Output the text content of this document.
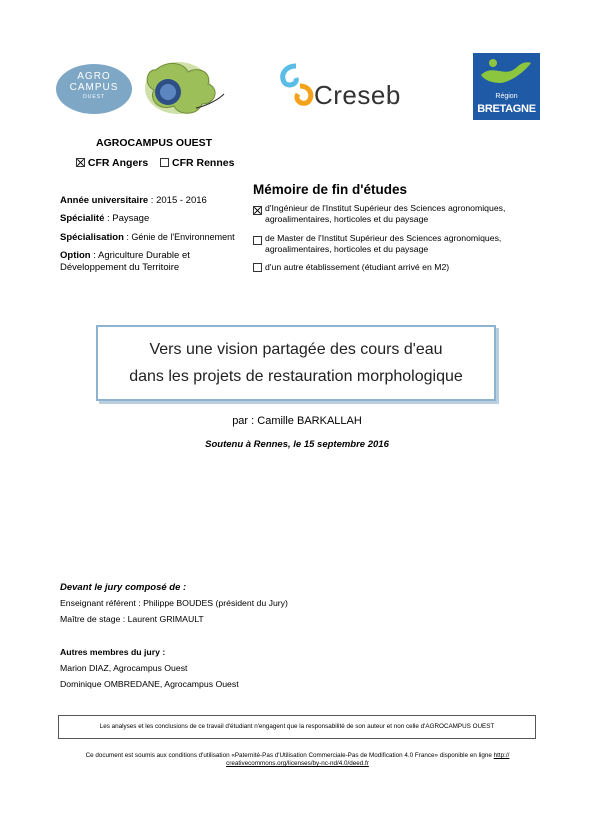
AGRO
CAMPUS
OUEST	Creseb	Région
BRETAGNE
AGROCAMPUS OUEST
CFR Angers CFR Rennes
Année universitaire : 2015 - 2016
Spécialité : Paysage
Spécialisation : Génie de l'Environnement
Option : Agriculture Durable et Développement du Territoire
Mémoire de fin d'études
d'Ingénieur de l'Institut Supérieur des Sciences agronomiques, agroalimentaires, horticoles et du paysage
de Master de l'Institut Supérieur des Sciences agronomiques, agroalimentaires, horticoles et du paysage
d'un autre établissement (étudiant arrivé en M2)
Vers une vision partagée des cours d'eau
dans les projets de restauration morphologique
par : Camille BARKALLAH
Soutenu à Rennes, le 15 septembre 2016
Devant le jury composé de :
Enseignant référent : Philippe BOUDES (président du Jury)
Maître de stage : Laurent GRIMAULT
Autres membres du jury :
Marion DIAZ, Agrocampus Ouest
Dominique OMBREDANE, Agrocampus Ouest
Les analyses et les conclusions de ce travail d'étudiant n'engagent que la responsabilité de son auteur et non celle d'AGROCAMPUS OUEST
Ce document est soumis aux conditions d'utilisation «Paternité-Pas d'Utilisation Commerciale-Pas de Modification 4.0 France» disponible en ligne http://
creativecommons.org/licenses/by-nc-nd/4.0/deed.fr
